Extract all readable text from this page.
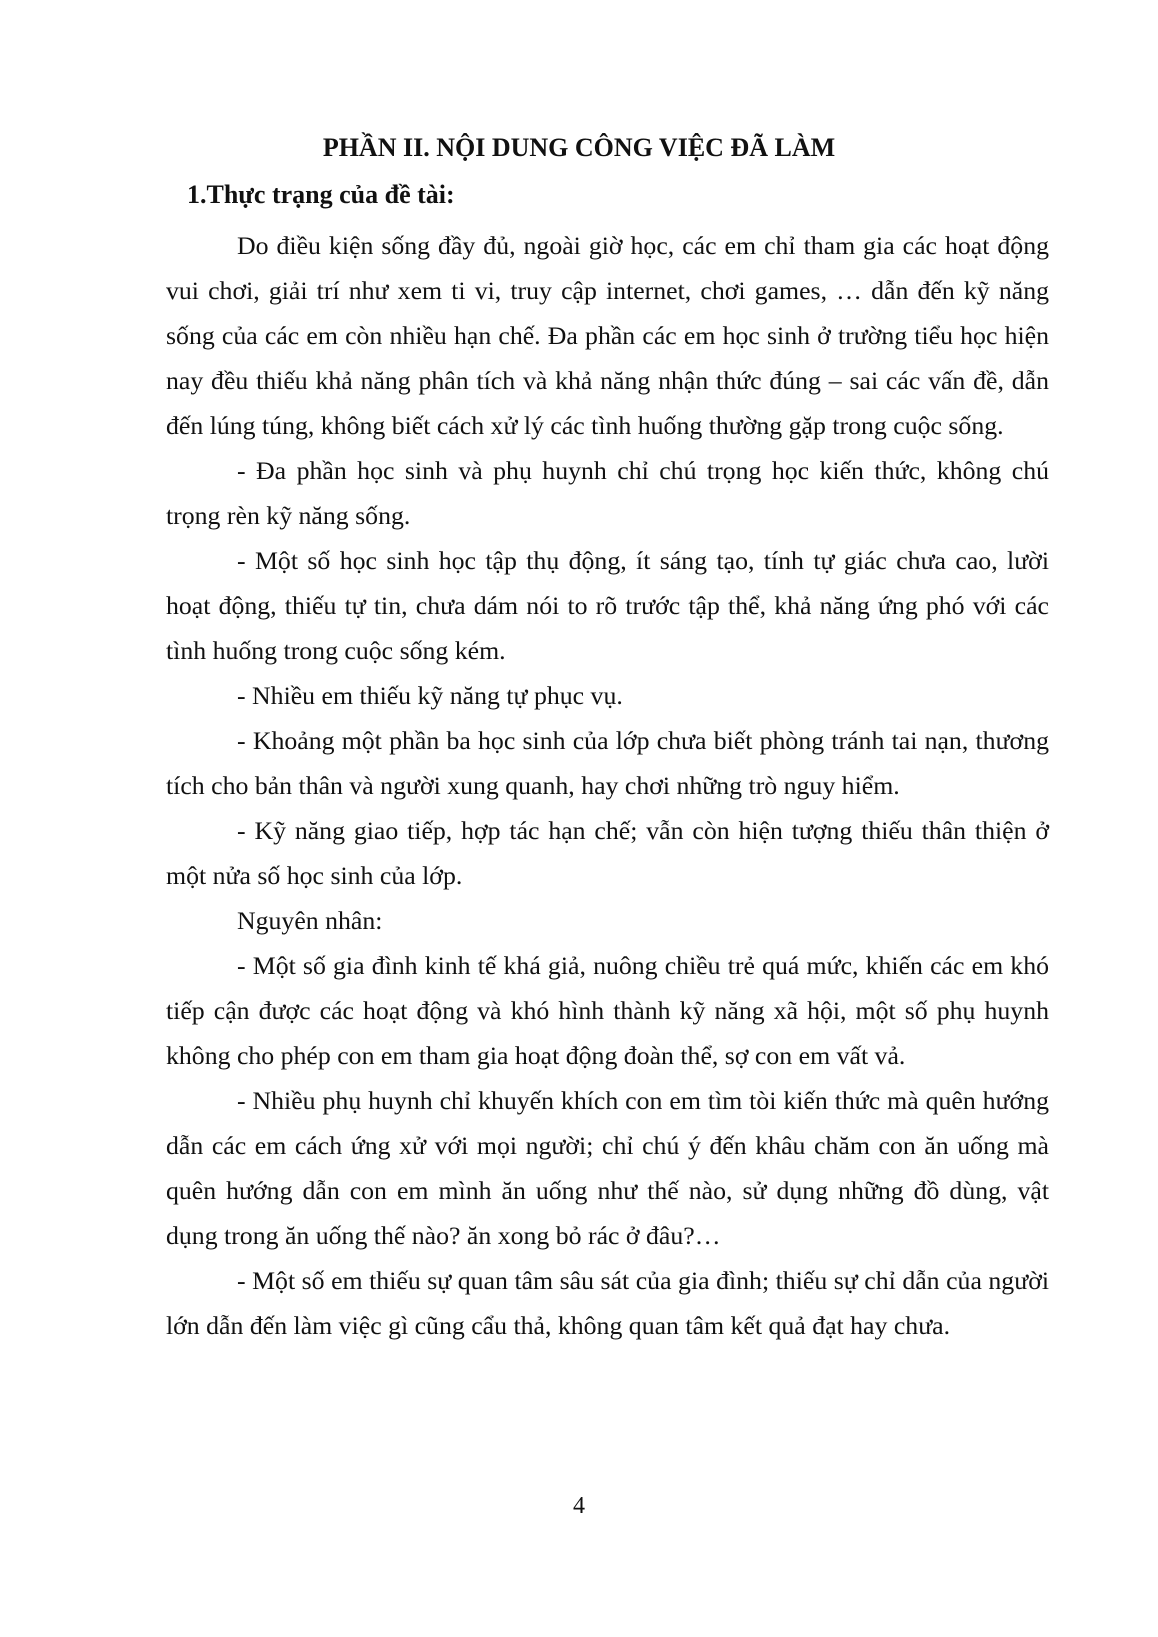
PHẦN II. NỘI DUNG CÔNG VIỆC ĐÃ LÀM
1.Thực trạng của đề tài:

Do điều kiện sống đầy đủ, ngoài giờ học, các em chỉ tham gia các hoạt động vui chơi, giải trí như xem ti vi, truy cập internet, chơi games, … dẫn đến kỹ năng sống của các em còn nhiều hạn chế. Đa phần các em học sinh ở trường tiểu học hiện nay đều thiếu khả năng phân tích và khả năng nhận thức đúng – sai các vấn đề, dẫn đến lúng túng, không biết cách xử lý các tình huống thường gặp trong cuộc sống.

- Đa phần học sinh và phụ huynh chỉ chú trọng học kiến thức, không chú trọng rèn kỹ năng sống.

- Một số học sinh học tập thụ động, ít sáng tạo, tính tự giác chưa cao, lười hoạt động, thiếu tự tin, chưa dám nói to rõ trước tập thể, khả năng ứng phó với các tình huống trong cuộc sống kém.

- Nhiều em thiếu kỹ năng tự phục vụ.

- Khoảng một phần ba học sinh của lớp chưa biết phòng tránh tai nạn, thương tích cho bản thân và người xung quanh, hay chơi những trò nguy hiểm.

- Kỹ năng giao tiếp, hợp tác hạn chế; vẫn còn hiện tượng thiếu thân thiện ở một nửa số học sinh của lớp.

Nguyên nhân:

- Một số gia đình kinh tế khá giả, nuông chiều trẻ quá mức, khiến các em khó tiếp cận được các hoạt động và khó hình thành kỹ năng xã hội, một số phụ huynh không cho phép con em tham gia hoạt động đoàn thể, sợ con em vất vả.

- Nhiều phụ huynh chỉ khuyến khích con em tìm tòi kiến thức mà quên hướng dẫn các em cách ứng xử với mọi người; chỉ chú ý đến khâu chăm con ăn uống mà quên hướng dẫn con em mình ăn uống như thế nào, sử dụng những đồ dùng, vật dụng trong ăn uống thế nào? ăn xong bỏ rác ở đâu?…

- Một số em thiếu sự quan tâm sâu sát của gia đình; thiếu sự chỉ dẫn của người lớn dẫn đến làm việc gì cũng cẩu thả, không quan tâm kết quả đạt hay chưa.

4
